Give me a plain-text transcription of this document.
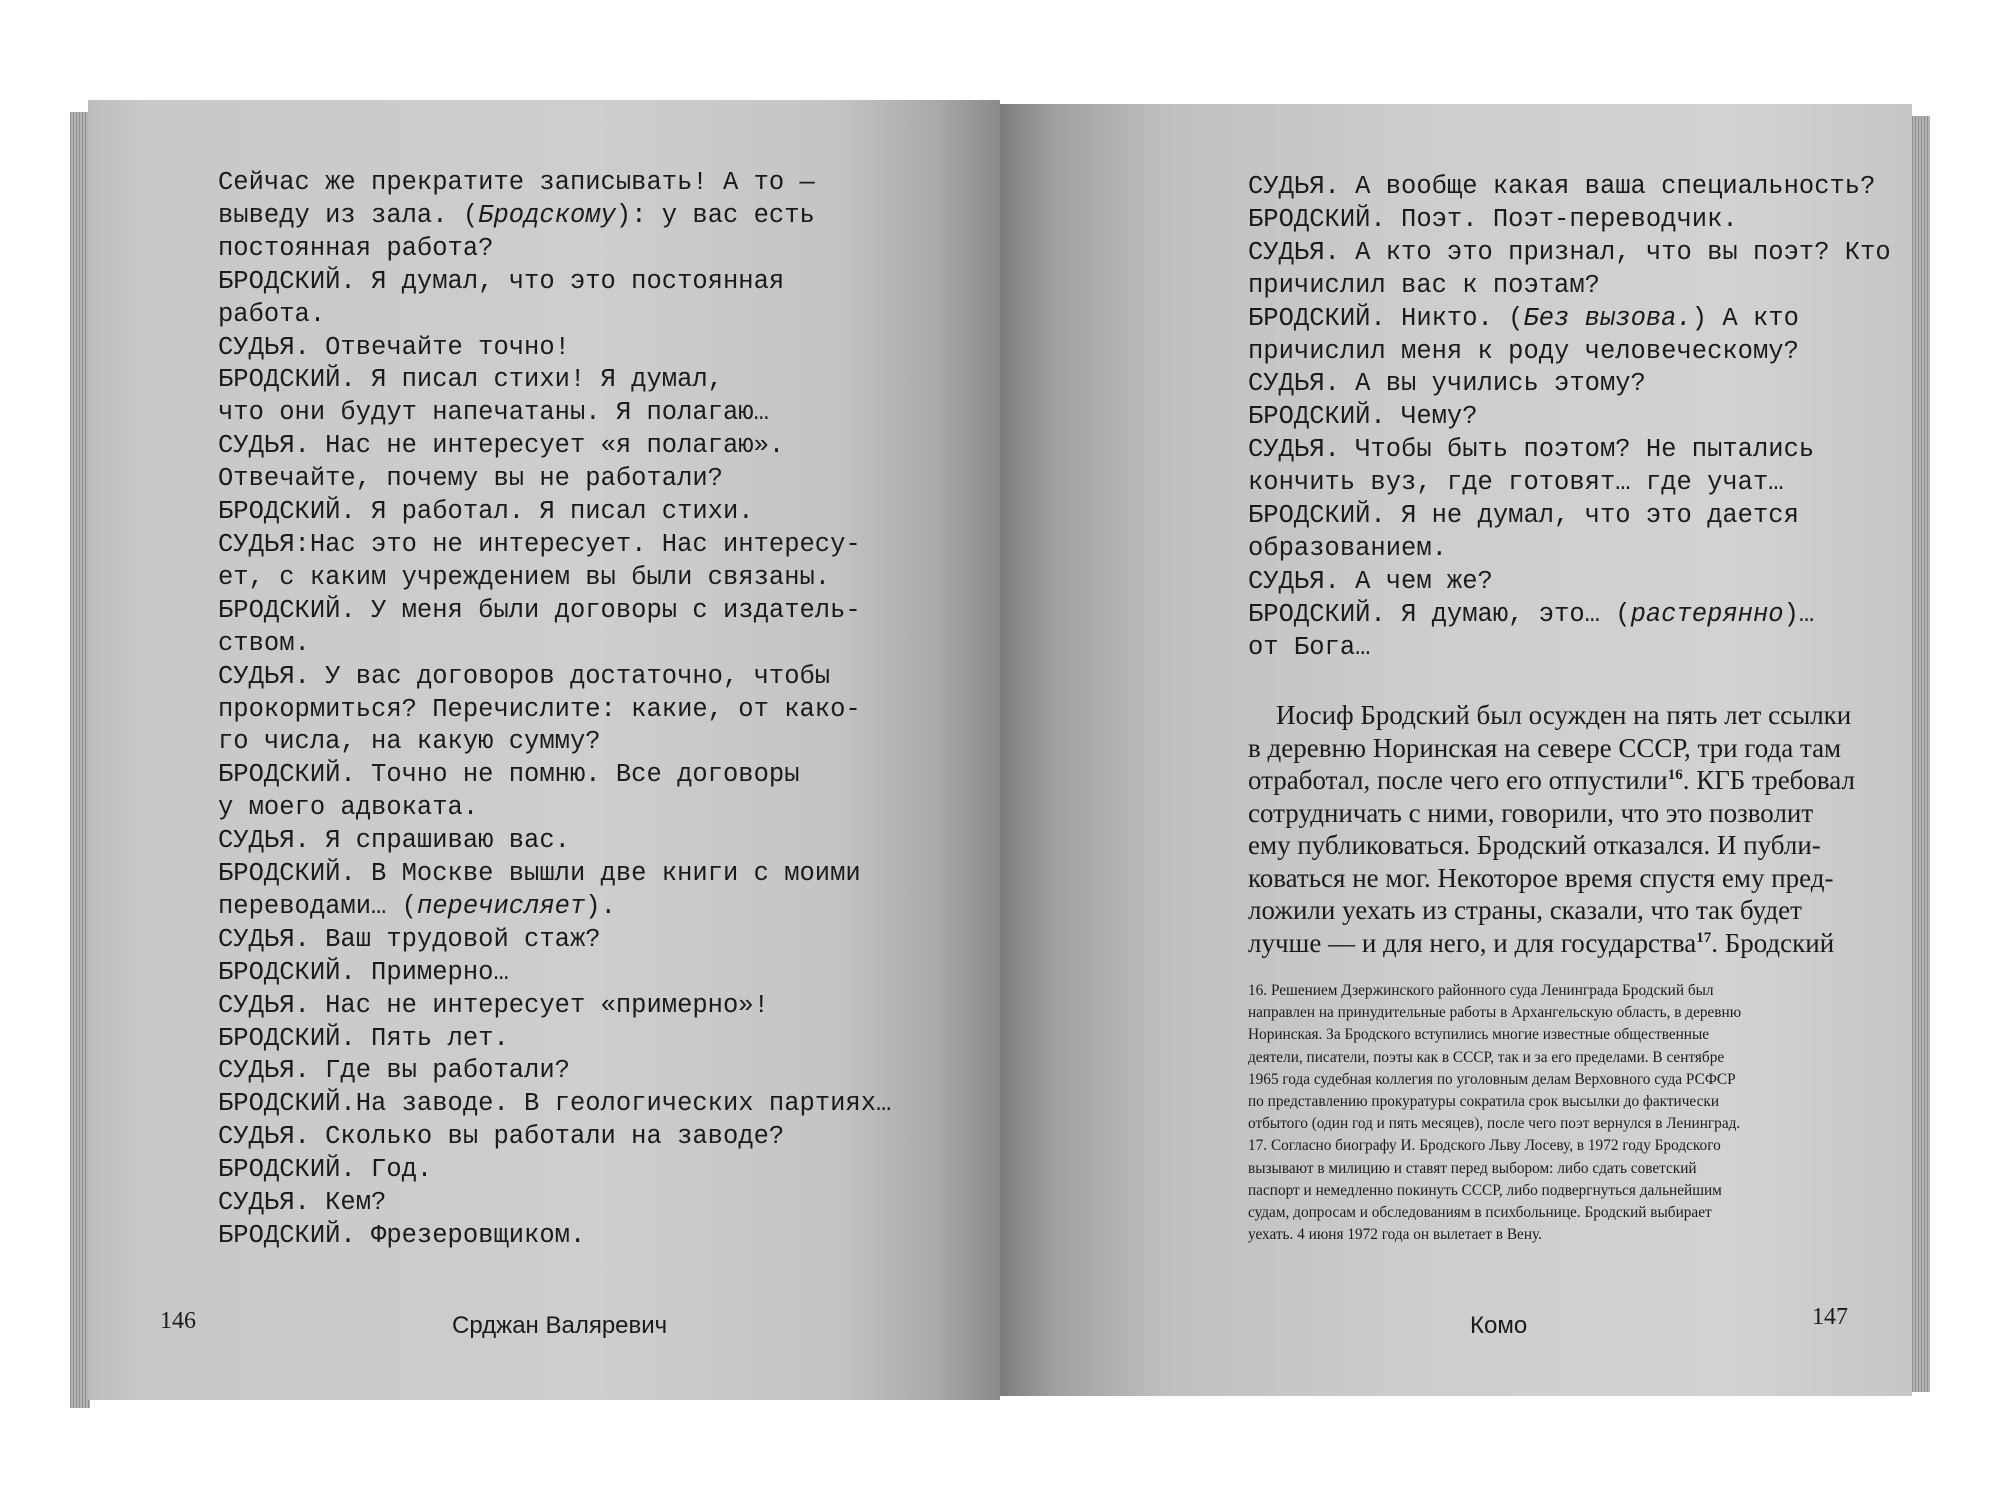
Сейчас же прекратите записывать! А то —
выведу из зала. (Бродскому): у вас есть
постоянная работа?
БРОДСКИЙ. Я думал, что это постоянная
работа.
СУДЬЯ. Отвечайте точно!
БРОДСКИЙ. Я писал стихи! Я думал,
что они будут напечатаны. Я полагаю…
СУДЬЯ. Нас не интересует «я полагаю».
Отвечайте, почему вы не работали?
БРОДСКИЙ. Я работал. Я писал стихи.
СУДЬЯ:Нас это не интересует. Нас интересу-
ет, с каким учреждением вы были связаны.
БРОДСКИЙ. У меня были договоры с издатель-
ством.
СУДЬЯ. У вас договоров достаточно, чтобы
прокормиться? Перечислите: какие, от како-
го числа, на какую сумму?
БРОДСКИЙ. Точно не помню. Все договоры
у моего адвоката.
СУДЬЯ. Я спрашиваю вас.
БРОДСКИЙ. В Москве вышли две книги с моими
переводами… (перечисляет).
СУДЬЯ. Ваш трудовой стаж?
БРОДСКИЙ. Примерно…
СУДЬЯ. Нас не интересует «примерно»!
БРОДСКИЙ. Пять лет.
СУДЬЯ. Где вы работали?
БРОДСКИЙ.На заводе. В геологических партиях…
СУДЬЯ. Сколько вы работали на заводе?
БРОДСКИЙ. Год.
СУДЬЯ. Кем?
БРОДСКИЙ. Фрезеровщиком.
146	Срджан Валяревич
СУДЬЯ. А вообще какая ваша специальность?
БРОДСКИЙ. Поэт. Поэт-переводчик.
СУДЬЯ. А кто это признал, что вы поэт? Кто
причислил вас к поэтам?
БРОДСКИЙ. Никто. (Без вызова.) А кто
причислил меня к роду человеческому?
СУДЬЯ. А вы учились этому?
БРОДСКИЙ. Чему?
СУДЬЯ. Чтобы быть поэтом? Не пытались
кончить вуз, где готовят… где учат…
БРОДСКИЙ. Я не думал, что это дается
образованием.
СУДЬЯ. А чем же?
БРОДСКИЙ. Я думаю, это… (растерянно)…
от Бога…
Иосиф Бродский был осужден на пять лет ссылки
в деревню Норинская на севере СССР, три года там
отработал, после чего его отпустили$^{16}$. КГБ требовал
сотрудничать с ними, говорили, что это позволит
ему публиковаться. Бродский отказался. И публи-
коваться не мог. Некоторое время спустя ему пред-
ложили уехать из страны, сказали, что так будет
лучше — и для него, и для государства$^{17}$. Бродский
16. Решением Дзержинского районного суда Ленинграда Бродский был
направлен на принудительные работы в Архангельскую область, в деревню
Норинская. За Бродского вступились многие известные общественные
деятели, писатели, поэты как в СССР, так и за его пределами. В сентябре
1965 года судебная коллегия по уголовным делам Верховного суда РСФСР
по представлению прокуратуры сократила срок высылки до фактически
отбытого (один год и пять месяцев), после чего поэт вернулся в Ленинград.
17. Согласно биографу И. Бродского Льву Лосеву, в 1972 году Бродского
вызывают в милицию и ставят перед выбором: либо сдать советский
паспорт и немедленно покинуть СССР, либо подвергнуться дальнейшим
судам, допросам и обследованиям в психбольнице. Бродский выбирает
уехать. 4 июня 1972 года он вылетает в Вену.
Комо	147
